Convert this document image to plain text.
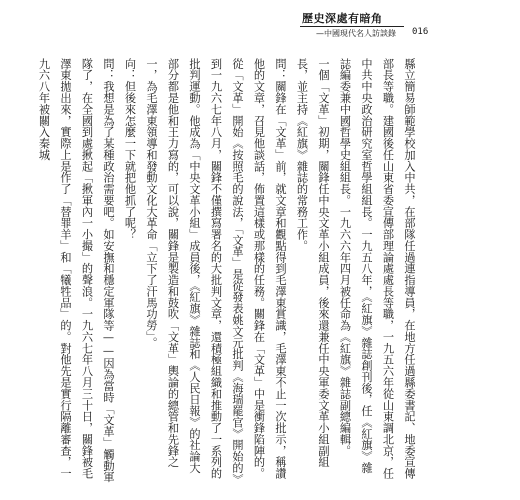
歷史深處有暗角
—中國現代名人訪談錄 016

縣立簡易師範學校加入中共，在部隊任過連指導員，在地方任過縣委書記、地委宣傳部長等職。建國後任山東省委宣傳部理論處處長等職，一九五六年從山東調北京，任中共中央政治研究室哲學組組長。一九五八年，《紅旗》雜誌創刊後，任《紅旗》雜誌編委兼中國哲學史組組長。一九六六年四月被任命為《紅旗》雜誌副總編輯。

一個「文革」初期，關鋒任中央文革小組成員，後來還兼任中央軍委文革小組副組長，並主持《紅旗》雜誌的常務工作。

問：關鋒在「文革」前，就文章和觀點得到毛澤東賞識，毛澤東不止一次批示，稱讚他的文章，召見他談話，佈置這樣或那樣的任務。關鋒在「文革」中是衝鋒陷陣的。從「文革」開始《按照毛的說法，「文革」是從發表姚文元批判《海瑞罷官》開始的》到一九六七年八月，關鋒不僅撰寫署名的大批判文章，還積極組織和推動了一系列的批判運動。他成為「中央文革小組」成員後，《紅旗》雜誌和《人民日報》的社論大部分都是他和王力寫的，可以說，關鋒是製造和鼓吹「文革」輿論的總管和先鋒之一，為毛澤東領導和發動文化大革命「立下了汗馬功勞」。

向：但後來怎麼一下就把他抓了呢？

問：我想是為了某種政治需要吧。如安撫和穩定軍隊等——因為當時「文革」觸動軍隊了，在全國到處揪起「揪軍內一小撮」的聲浪。一九六七年八月三十日，關鋒被毛澤東拋出來，實際上是作了「替罪羊」和「犧牲品」的。對他先是實行隔離審查，一九六八年被關入秦城
